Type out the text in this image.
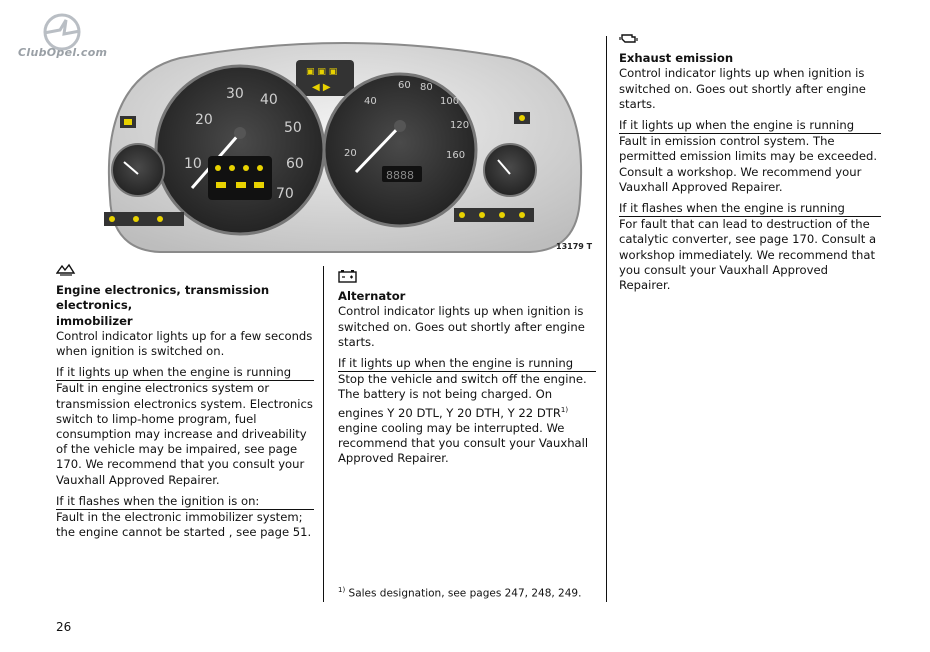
ClubOpel.com
▣ ▣ ▣
◀ ▶
10
20
30 40
50
60
70
20
40
60 80
100
120
160
8888
13179 T

Engine electronics, transmission

electronics,

immobilizer

Control indicator lights up for a few seconds when ignition is switched on.

If it lights up when the engine is running

Fault in engine electronics system or transmission electronics system. Electronics switch to limp-home program, fuel consumption may increase and driveability of the vehicle may be impaired, see page 170. We recommend that you consult your Vauxhall Approved Repairer.

If it flashes when the ignition is on:

Fault in the electronic immobilizer system; the engine cannot be started , see page 51.

Alternator

Control indicator lights up when ignition is switched on. Goes out shortly after engine starts.

If it lights up when the engine is running

Stop the vehicle and switch off the engine. The battery is not being charged. On engines Y 20 DTL, Y 20 DTH, Y 22 DTR$^{1)}$ engine cooling may be interrupted. We recommend that you consult your Vauxhall Approved Repairer.

Exhaust emission

Control indicator lights up when ignition is switched on. Goes out shortly after engine starts.

If it lights up when the engine is running

Fault in emission control system. The permitted emission limits may be exceeded. Consult a workshop. We recommend your Vauxhall Approved Repairer.

If it flashes when the engine is running

For fault that can lead to destruction of the catalytic converter, see page 170. Consult a workshop immediately. We recommend that you consult your Vauxhall Approved Repairer.

$^{1)}$ Sales designation, see pages 247, 248, 249.
26
